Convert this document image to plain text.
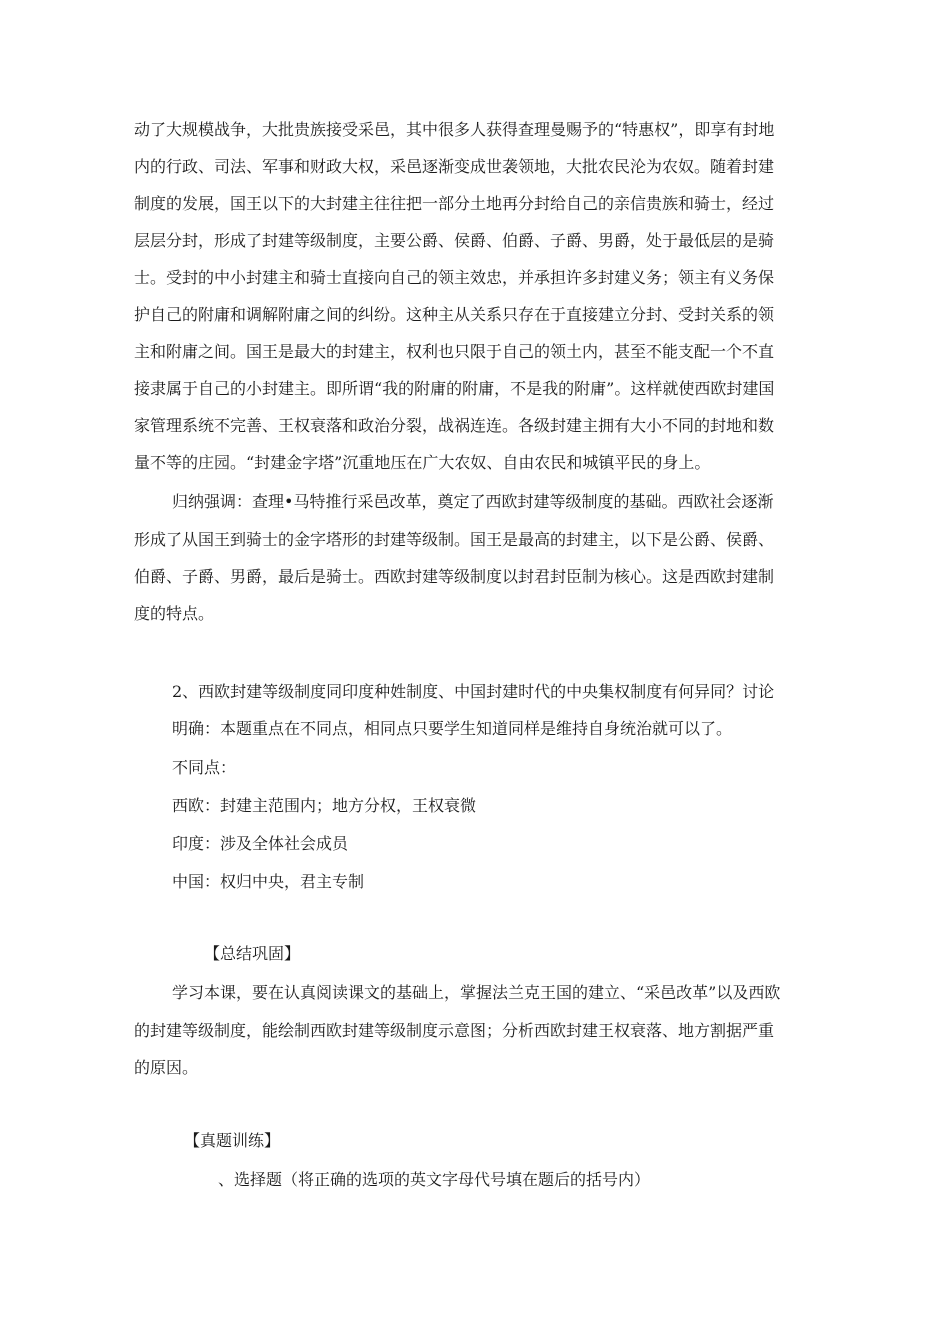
动了大规模战争，大批贵族接受采邑，其中很多人获得查理曼赐予的“特惠权”，即享有封地
内的行政、司法、军事和财政大权，采邑逐渐变成世袭领地，大批农民沦为农奴。随着封建
制度的发展，国王以下的大封建主往往把一部分土地再分封给自己的亲信贵族和骑士，经过
层层分封，形成了封建等级制度，主要公爵、侯爵、伯爵、子爵、男爵，处于最低层的是骑
士。受封的中小封建主和骑士直接向自己的领主效忠，并承担许多封建义务；领主有义务保
护自己的附庸和调解附庸之间的纠纷。这种主从关系只存在于直接建立分封、受封关系的领
主和附庸之间。国王是最大的封建主，权利也只限于自己的领土内，甚至不能支配一个不直
接隶属于自己的小封建主。即所谓“我的附庸的附庸，不是我的附庸”。这样就使西欧封建国
家管理系统不完善、王权衰落和政治分裂，战祸连连。各级封建主拥有大小不同的封地和数
量不等的庄园。“封建金字塔”沉重地压在广大农奴、自由农民和城镇平民的身上。
归纳强调：查理•马特推行采邑改革，奠定了西欧封建等级制度的基础。西欧社会逐渐
形成了从国王到骑士的金字塔形的封建等级制。国王是最高的封建主，以下是公爵、侯爵、
伯爵、子爵、男爵，最后是骑士。西欧封建等级制度以封君封臣制为核心。这是西欧封建制
度的特点。
2、西欧封建等级制度同印度种姓制度、中国封建时代的中央集权制度有何异同？讨论
明确：本题重点在不同点，相同点只要学生知道同样是维持自身统治就可以了。
不同点：
西欧：封建主范围内；地方分权，王权衰微
印度：涉及全体社会成员
中国：权归中央，君主专制
【总结巩固】
学习本课，要在认真阅读课文的基础上，掌握法兰克王国的建立、“采邑改革”以及西欧
的封建等级制度，能绘制西欧封建等级制度示意图；分析西欧封建王权衰落、地方割据严重
的原因。
【真题训练】
、选择题（将正确的选项的英文字母代号填在题后的括号内）
